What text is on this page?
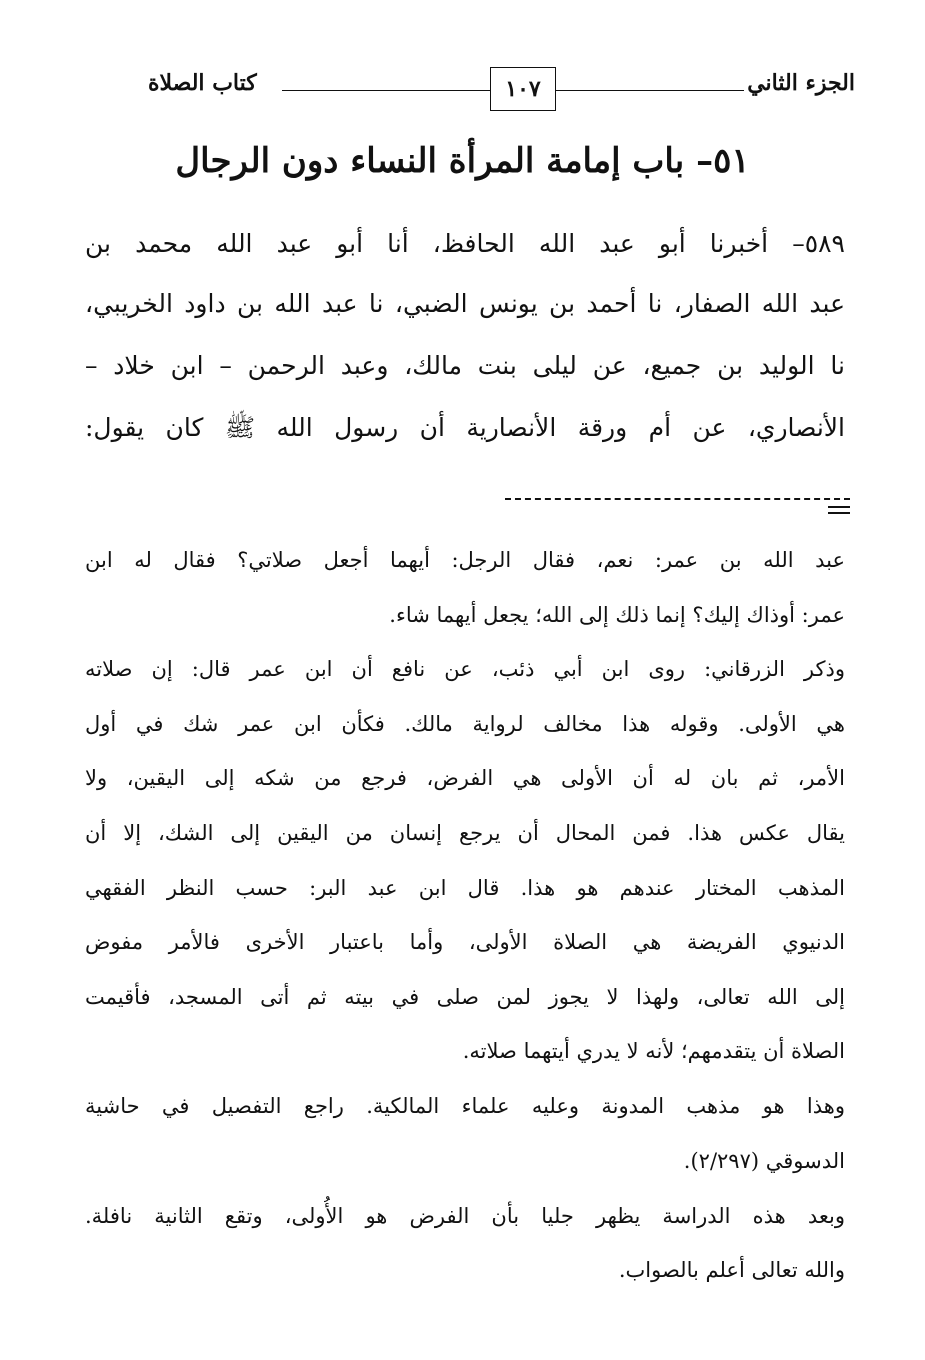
الجزء الثاني
كتاب الصلاة	١٠٧
٥١– باب إمامة المرأة النساء دون الرجال
٥٨٩– أخبرنا أبو عبد الله الحافظ، أنا أبو عبد الله محمد بن
عبد الله الصفار، نا أحمد بن يونس الضبي، نا عبد الله بن داود الخريبي،
نا الوليد بن جميع، عن ليلى بنت مالك، وعبد الرحمن – ابن خلاد –
الأنصاري، عن أم ورقة الأنصارية أن رسول الله ﷺ كان يقول:
عبد الله بن عمر: نعم، فقال الرجل: أيهما أجعل صلاتي؟ فقال له ابن
عمر: أوذاك إليك؟ إنما ذلك إلى الله؛ يجعل أيهما شاء.
وذكر الزرقاني: روى ابن أبي ذئب، عن نافع أن ابن عمر قال: إن صلاته
هي الأولى. وقوله هذا مخالف لرواية مالك. فكأن ابن عمر شك في أول
الأمر، ثم بان له أن الأولى هي الفرض، فرجع من شكه إلى اليقين، ولا
يقال عكس هذا. فمن المحال أن يرجع إنسان من اليقين إلى الشك، إلا أن
المذهب المختار عندهم هو هذا. قال ابن عبد البر: حسب النظر الفقهي
الدنيوي الفريضة هي الصلاة الأولى، وأما باعتبار الأخرى فالأمر مفوض
إلى الله تعالى، ولهذا لا يجوز لمن صلى في بيته ثم أتى المسجد، فأقيمت
الصلاة أن يتقدمهم؛ لأنه لا يدري أيتهما صلاته.
وهذا هو مذهب المدونة وعليه علماء المالكية. راجع التفصيل في حاشية
الدسوقي (٢/٢٩٧).
وبعد هذه الدراسة يظهر جليا بأن الفرض هو الأُولى، وتقع الثانية نافلة.
والله تعالى أعلم بالصواب.
